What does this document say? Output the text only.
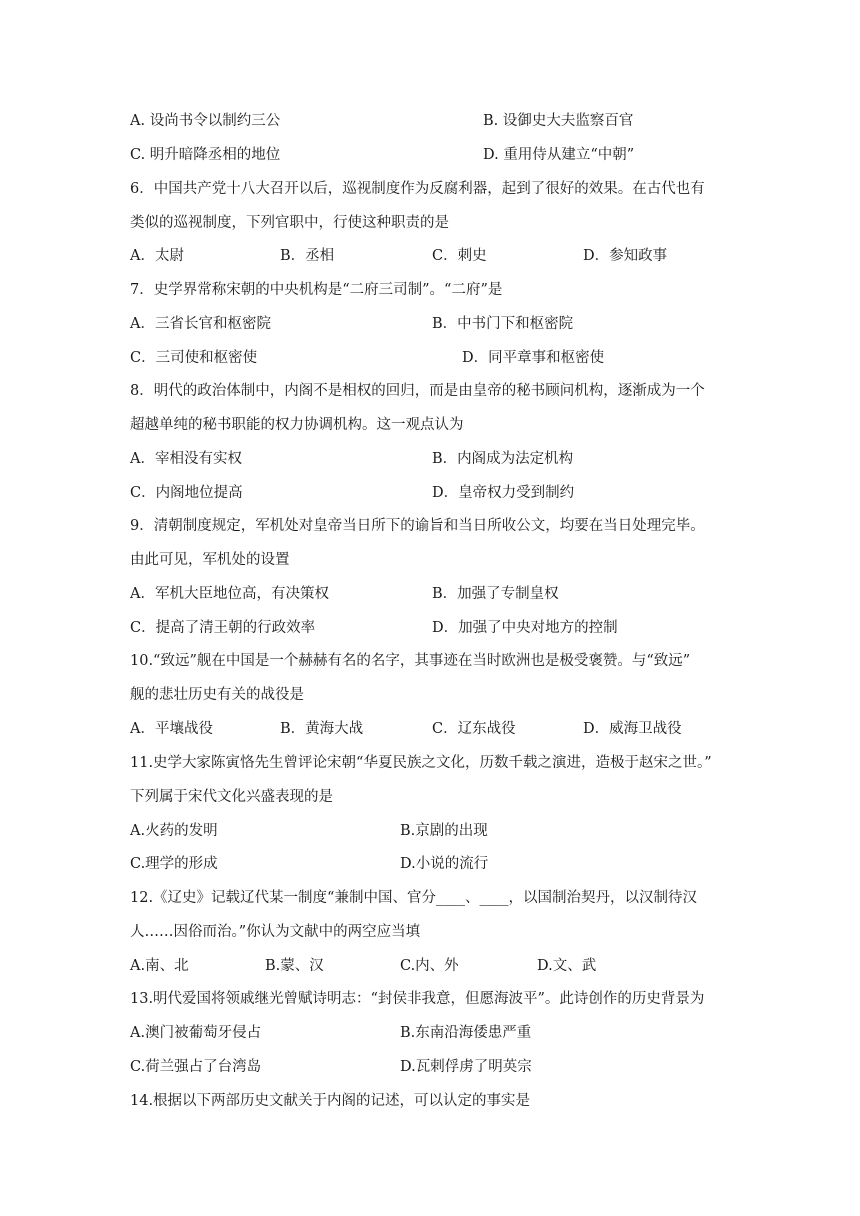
A. 设尚书令以制约三公	B. 设御史大夫监察百官
C. 明升暗降丞相的地位	D. 重用侍从建立“中朝”
6．中国共产党十八大召开以后，巡视制度作为反腐利器，起到了很好的效果。在古代也有
类似的巡视制度，下列官职中，行使这种职责的是
A．太尉	B．丞相	C．刺史	D．参知政事
7．史学界常称宋朝的中央机构是“二府三司制”。“二府”是
A．三省长官和枢密院	B．中书门下和枢密院
C．三司使和枢密使	D．同平章事和枢密使
8．明代的政治体制中，内阁不是相权的回归，而是由皇帝的秘书顾问机构，逐渐成为一个
超越单纯的秘书职能的权力协调机构。这一观点认为
A．宰相没有实权	B．内阁成为法定机构
C．内阁地位提高	D．皇帝权力受到制约
9．清朝制度规定，军机处对皇帝当日所下的谕旨和当日所收公文，均要在当日处理完毕。
由此可见，军机处的设置
A．军机大臣地位高，有决策权	B．加强了专制皇权
C．提高了清王朝的行政效率	D．加强了中央对地方的控制
10.“致远”舰在中国是一个赫赫有名的名字，其事迹在当时欧洲也是极受褒赞。与“致远”
舰的悲壮历史有关的战役是
A．平壤战役	B．黄海大战	C．辽东战役	D．威海卫战役
11.史学大家陈寅恪先生曾评论宋朝“华夏民族之文化，历数千载之演进，造极于赵宋之世。”
下列属于宋代文化兴盛表现的是
A.火药的发明	B.京剧的出现
C.理学的形成	D.小说的流行
12.《辽史》记载辽代某一制度“兼制中国、官分____、____，以国制治契丹，以汉制待汉
人……因俗而治。”你认为文献中的两空应当填
A.南、北	B.蒙、汉	C.内、外	D.文、武
13.明代爱国将领戚继光曾赋诗明志：“封侯非我意，但愿海波平”。此诗创作的历史背景为
A.澳门被葡萄牙侵占	B.东南沿海倭患严重
C.荷兰强占了台湾岛	D.瓦剌俘虏了明英宗
14.根据以下两部历史文献关于内阁的记述，可以认定的事实是
